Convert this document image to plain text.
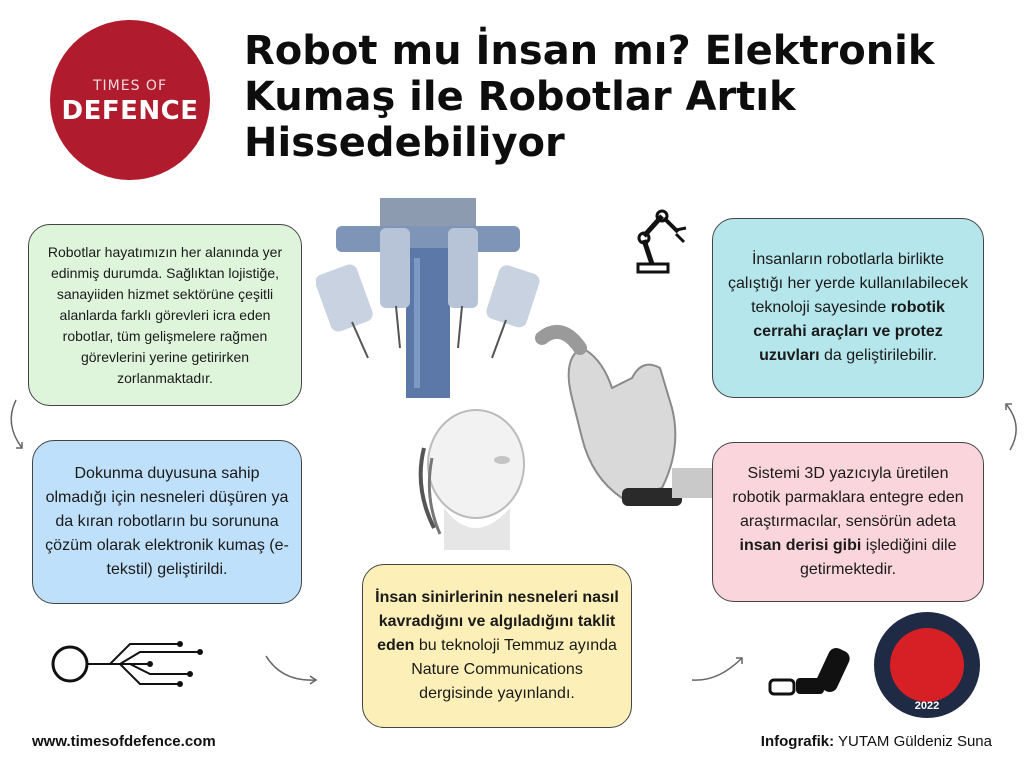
TIMES OF
DEFENCE
Robot mu İnsan mı? Elektronik Kumaş ile Robotlar Artık Hissedebiliyor

Robotlar hayatımızın her alanında yer edinmiş durumda. Sağlıktan lojistiğe, sanayiiden hizmet sektörüne çeşitli alanlarda farklı görevleri icra eden robotlar, tüm gelişmelere rağmen görevlerini yerine getirirken zorlanmaktadır.

İnsanların robotlarla birlikte çalıştığı her yerde kullanılabilecek teknoloji sayesinde robotik cerrahi araçları ve protez uzuvları da geliştirilebilir.

Dokunma duyusuna sahip olmadığı için nesneleri düşüren ya da kıran robotların bu sorununa çözüm olarak elektronik kumaş (e-tekstil) geliştirildi.

Sistemi 3D yazıcıyla üretilen robotik parmaklara entegre eden araştırmacılar, sensörün adeta insan derisi gibi işlediğini dile getirmektedir.

İnsan sinirlerinin nesneleri nasıl kavradığını ve algıladığını taklit eden bu teknoloji Temmuz ayında Nature Communications dergisinde yayınlandı.

2022
www.timesofdefence.com	Infografik: YUTAM Güldeniz Suna
